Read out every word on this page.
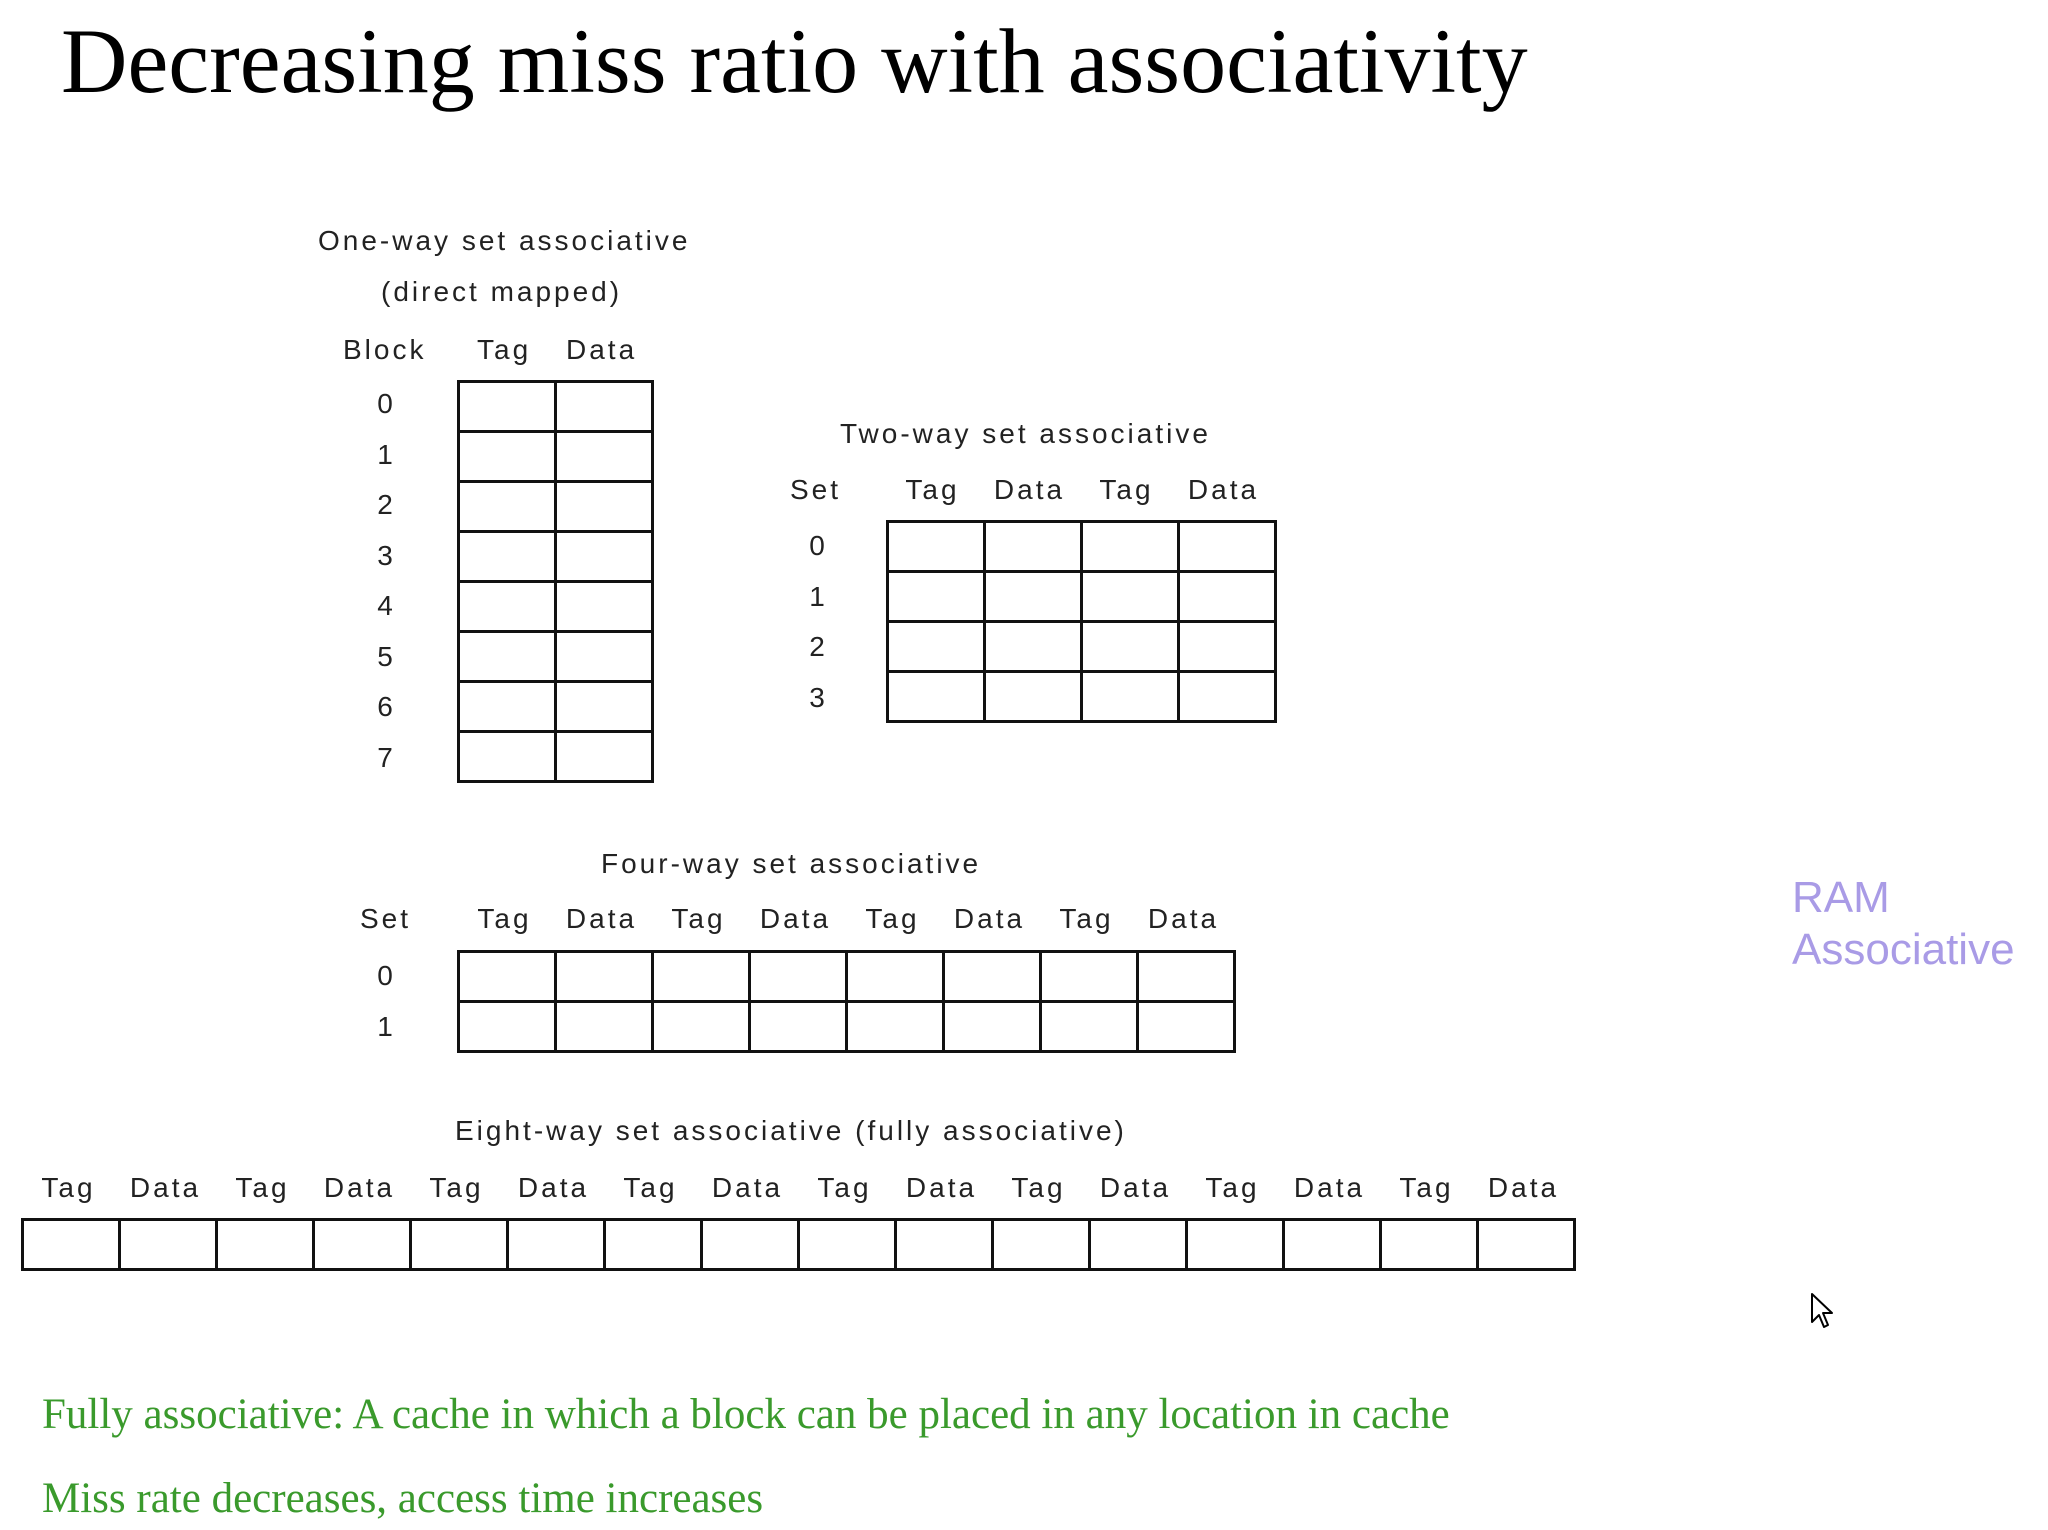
Decreasing miss ratio with associativity
One-way set associative
(direct mapped)
Block Tag Data
0
1
2
3
4
5
6
7

Two-way set associative
Set	Tag	Data	Tag	Data
0
1
2
3

Four-way set associative
Set	Tag	Data	Tag	Data	Tag	Data	Tag	Data
0
1

Eight-way set associative (fully associative)
Tag	Data	Tag	Data	Tag	Data	Tag	Data	Tag	Data	Tag	Data	Tag	Data	Tag	Data

RAM
Associative
Fully associative: A cache in which a block can be placed in any location in cache
Miss rate decreases, access time increases
